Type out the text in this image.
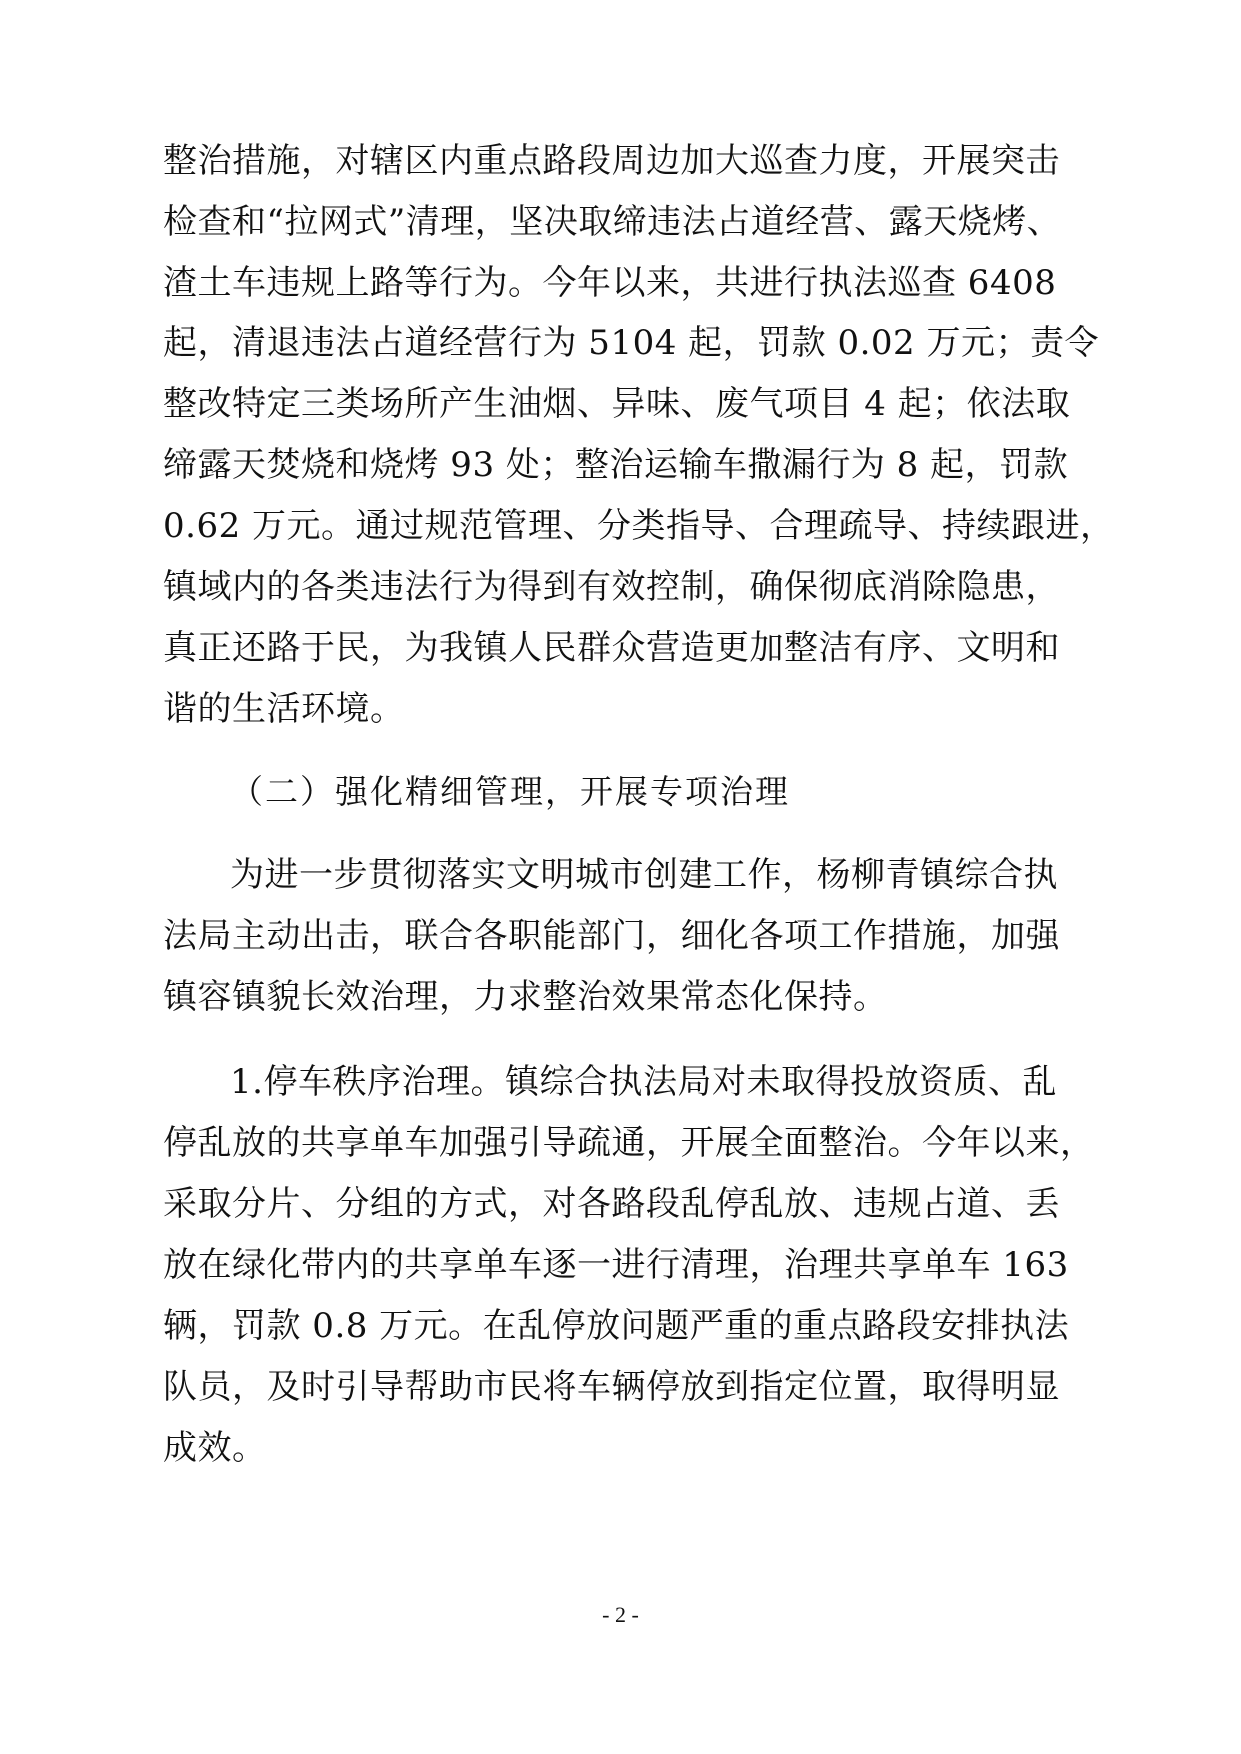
整治措施，对辖区内重点路段周边加大巡查力度，开展突击
检查和“拉网式”清理，坚决取缔违法占道经营、露天烧烤、
渣土车违规上路等行为。今年以来，共进行执法巡查 6408
起，清退违法占道经营行为 5104 起，罚款 0.02 万元；责令
整改特定三类场所产生油烟、异味、废气项目 4 起；依法取
缔露天焚烧和烧烤 93 处；整治运输车撒漏行为 8 起，罚款
0.62 万元。通过规范管理、分类指导、合理疏导、持续跟进，
镇域内的各类违法行为得到有效控制，确保彻底消除隐患，
真正还路于民，为我镇人民群众营造更加整洁有序、文明和
谐的生活环境。
（二）强化精细管理，开展专项治理
为进一步贯彻落实文明城市创建工作，杨柳青镇综合执
法局主动出击，联合各职能部门，细化各项工作措施，加强
镇容镇貌长效治理，力求整治效果常态化保持。
1.停车秩序治理。镇综合执法局对未取得投放资质、乱
停乱放的共享单车加强引导疏通，开展全面整治。今年以来，
采取分片、分组的方式，对各路段乱停乱放、违规占道、丢
放在绿化带内的共享单车逐一进行清理，治理共享单车 163
辆，罚款 0.8 万元。在乱停放问题严重的重点路段安排执法
队员，及时引导帮助市民将车辆停放到指定位置，取得明显
成效。
- 2 -
